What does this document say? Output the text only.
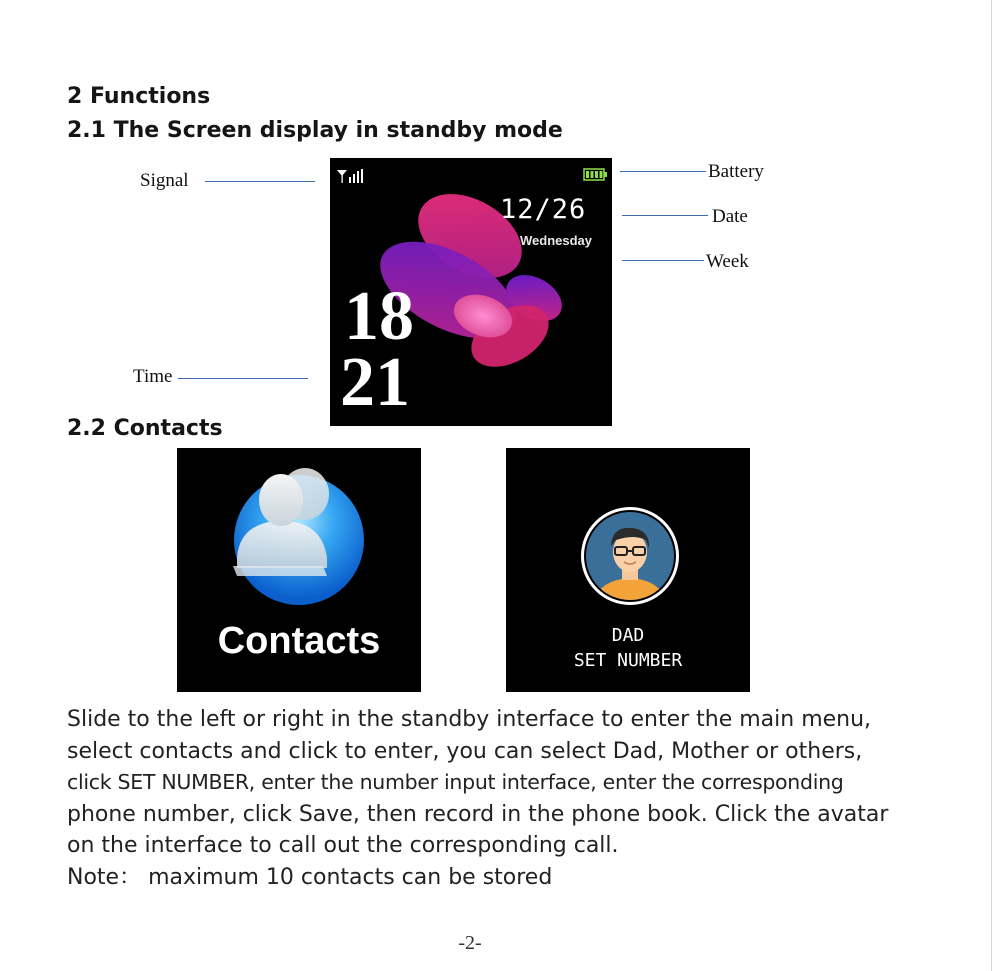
2 Functions
2.1 The Screen display in standby mode
Signal	Battery
Date
Week
Time
12/26
Wednesday
18
21
2.2 Contacts
Contacts	DAD
SET NUMBER

Slide to the left or right in the standby interface to enter the main menu,

select contacts and click to enter, you can select Dad, Mother or others,

click SET NUMBER, enter the number input interface, enter the corresponding

phone number, click Save, then record in the phone book. Click the avatar

on the interface to call out the corresponding call.

Note： maximum 10 contacts can be stored

-2-
